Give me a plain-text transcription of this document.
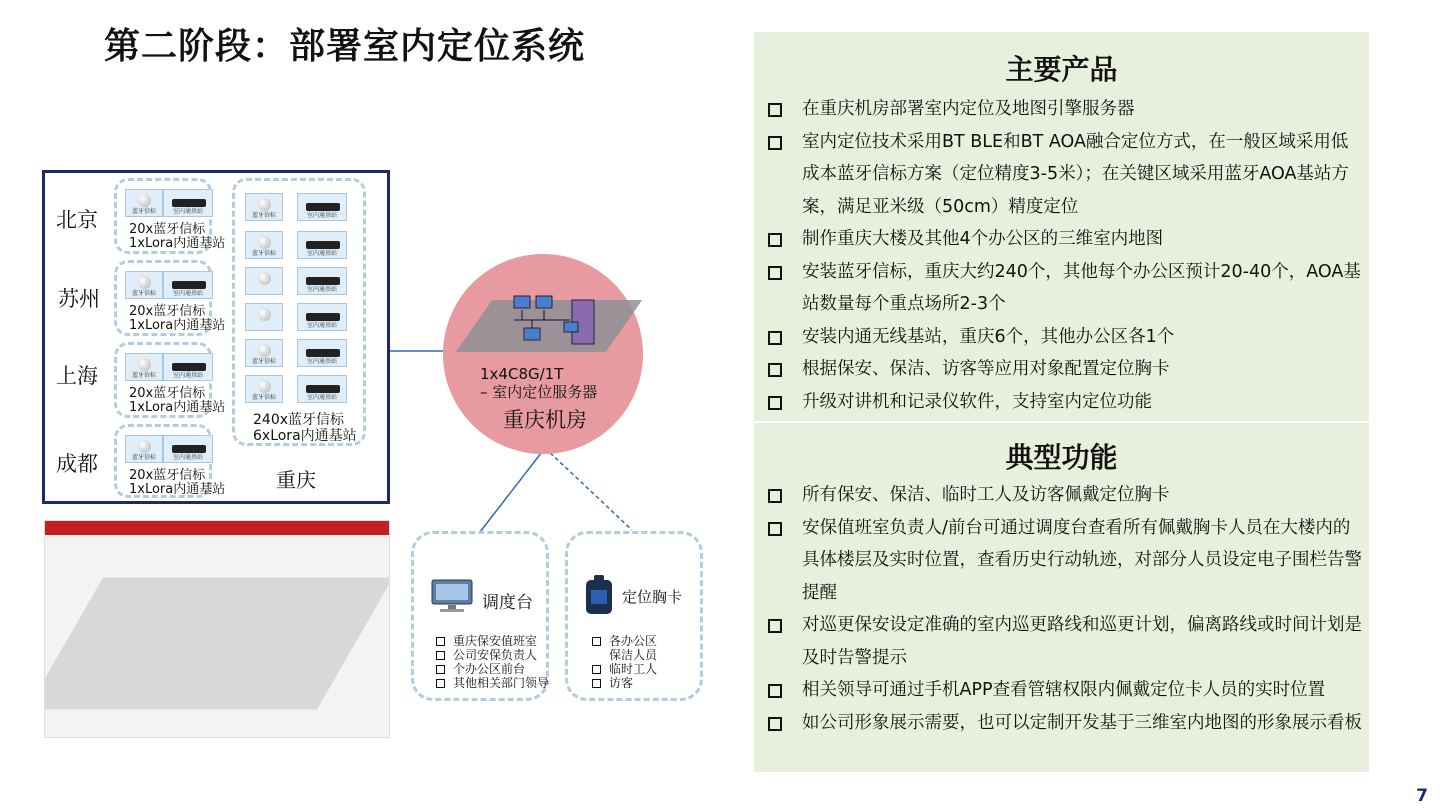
第二阶段：部署室内定位系统
北京
苏州
上海
成都
蓝牙信标	室内通基站
20x蓝牙信标
1xLora内通基站
蓝牙信标	室内通基站
20x蓝牙信标
1xLora内通基站
蓝牙信标	室内通基站
20x蓝牙信标
1xLora内通基站
蓝牙信标	室内通基站
20x蓝牙信标
1xLora内通基站
蓝牙信标	室内通基站
蓝牙信标	室内通基站
室内通基站
室内通基站
蓝牙信标	室内通基站
蓝牙信标	室内通基站
240x蓝牙信标
6xLora内通基站
重庆
1x4C8G/1T
– 室内定位服务器
重庆机房
调度台
重庆保安值班室
公司安保负责人
个办公区前台
其他相关部门领导
定位胸卡
各办公区
保洁人员
临时工人
访客
主要产品
在重庆机房部署室内定位及地图引擎服务器
室内定位技术采用BT BLE和BT AOA融合定位方式，在一般区域采用低成本蓝牙信标方案（定位精度3-5米）；在关键区域采用蓝牙AOA基站方案，满足亚米级（50cm）精度定位
制作重庆大楼及其他4个办公区的三维室内地图
安装蓝牙信标，重庆大约240个，其他每个办公区预计20-40个，AOA基站数量每个重点场所2-3个
安装内通无线基站，重庆6个，其他办公区各1个
根据保安、保洁、访客等应用对象配置定位胸卡
升级对讲机和记录仪软件，支持室内定位功能
典型功能
所有保安、保洁、临时工人及访客佩戴定位胸卡
安保值班室负责人/前台可通过调度台查看所有佩戴胸卡人员在大楼内的具体楼层及实时位置，查看历史行动轨迹，对部分人员设定电子围栏告警提醒
对巡更保安设定准确的室内巡更路线和巡更计划，偏离路线或时间计划是及时告警提示
相关领导可通过手机APP查看管辖权限内佩戴定位卡人员的实时位置
如公司形象展示需要，也可以定制开发基于三维室内地图的形象展示看板
7
